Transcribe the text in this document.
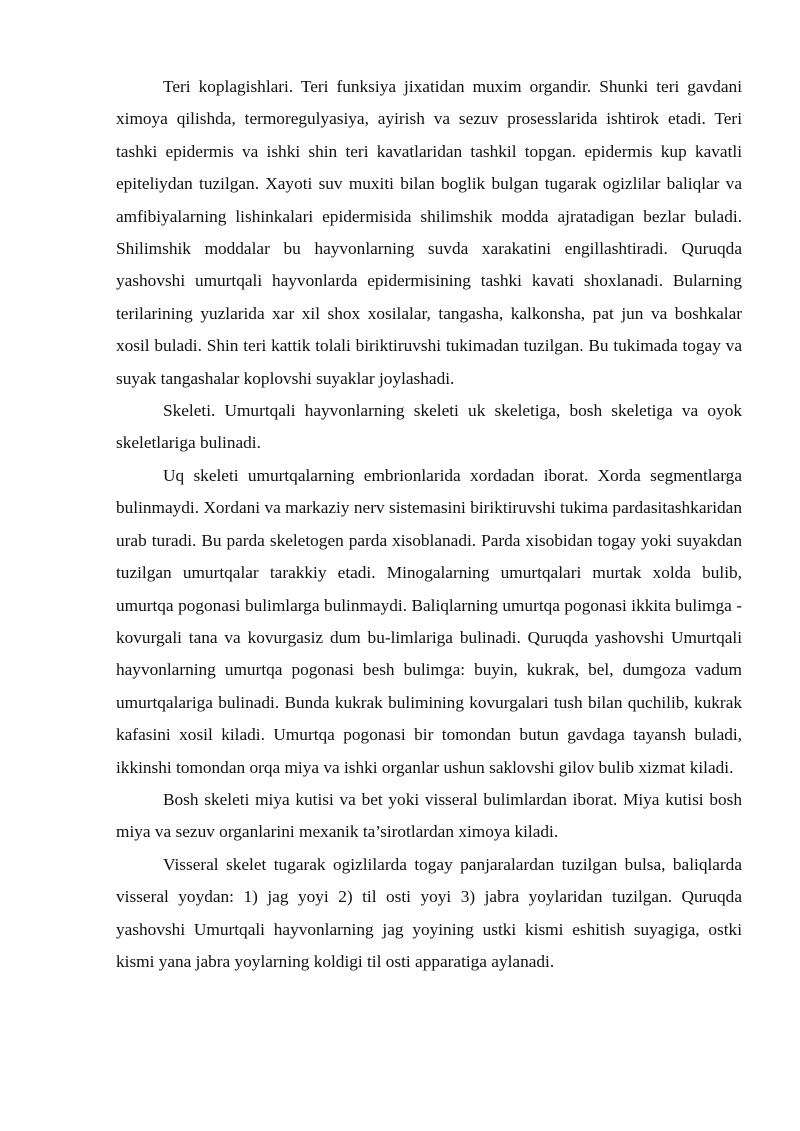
Teri koplagishlari. Teri funksiya jixatidan muxim organdir. Shunki teri gavdani ximoya qilishda, termoregulyasiya, ayirish va sezuv prosesslarida ishtirok etadi. Teri tashki epidermis va ishki shin teri kavatlaridan tashkil topgan. epidermis kup kavatli epiteliydan tuzilgan. Xayoti suv muxiti bilan boglik bulgan tugarak ogizlilar baliqlar va amfibiyalarning lishinkalari epidermisida shilimshik modda ajratadigan bezlar buladi. Shilimshik moddalar bu hayvonlarning suvda xarakatini engillashtiradi. Quruqda yashovshi umurtqali hayvonlarda epidermisining tashki kavati shoxlanadi. Bularning terilarining yuzlarida xar xil shox xosilalar, tangasha, kalkonsha, pat jun va boshkalar xosil buladi. Shin teri kattik tolali biriktiruvshi tukimadan tuzilgan. Bu tukimada togay va suyak tangashalar koplovshi suyaklar joylashadi.

Skeleti. Umurtqali hayvonlarning skeleti uk skeletiga, bosh skeletiga va oyok skeletlariga bulinadi.

Uq skeleti umurtqalarning embrionlarida xordadan iborat. Xorda segmentlarga bulinmaydi. Xordani va markaziy nerv sistemasini biriktiruvshi tukima pardasitashkaridan urab turadi. Bu parda skeletogen parda xisoblanadi. Parda xisobidan togay yoki suyakdan tuzilgan umurtqalar tarakkiy etadi. Minogalarning umurtqalari murtak xolda bulib, umurtqa pogonasi bulimlarga bulinmaydi. Baliqlarning umurtqa pogonasi ikkita bulimga - kovurgali tana va kovurgasiz dum bu-limlariga bulinadi. Quruqda yashovshi Umurtqali hayvonlarning umurtqa pogonasi besh bulimga: buyin, kukrak, bel, dumgoza vadum umurtqalariga bulinadi. Bunda kukrak bulimining kovurgalari tush bilan quchilib, kukrak kafasini xosil kiladi. Umurtqa pogonasi bir tomondan butun gavdaga tayansh buladi, ikkinshi tomondan orqa miya va ishki organlar ushun saklovshi gilov bulib xizmat kiladi.

Bosh skeleti miya kutisi va bet yoki visseral bulimlardan iborat. Miya kutisi bosh miya va sezuv organlarini mexanik ta’sirotlardan ximoya kiladi.

Visseral skelet tugarak ogizlilarda togay panjaralardan tuzilgan bulsa, baliqlarda visseral yoydan: 1) jag yoyi 2) til osti yoyi 3) jabra yoylaridan tuzilgan. Quruqda yashovshi Umurtqali hayvonlarning jag yoyining ustki kismi eshitish suyagiga, ostki kismi yana jabra yoylarning koldigi til osti apparatiga aylanadi.
